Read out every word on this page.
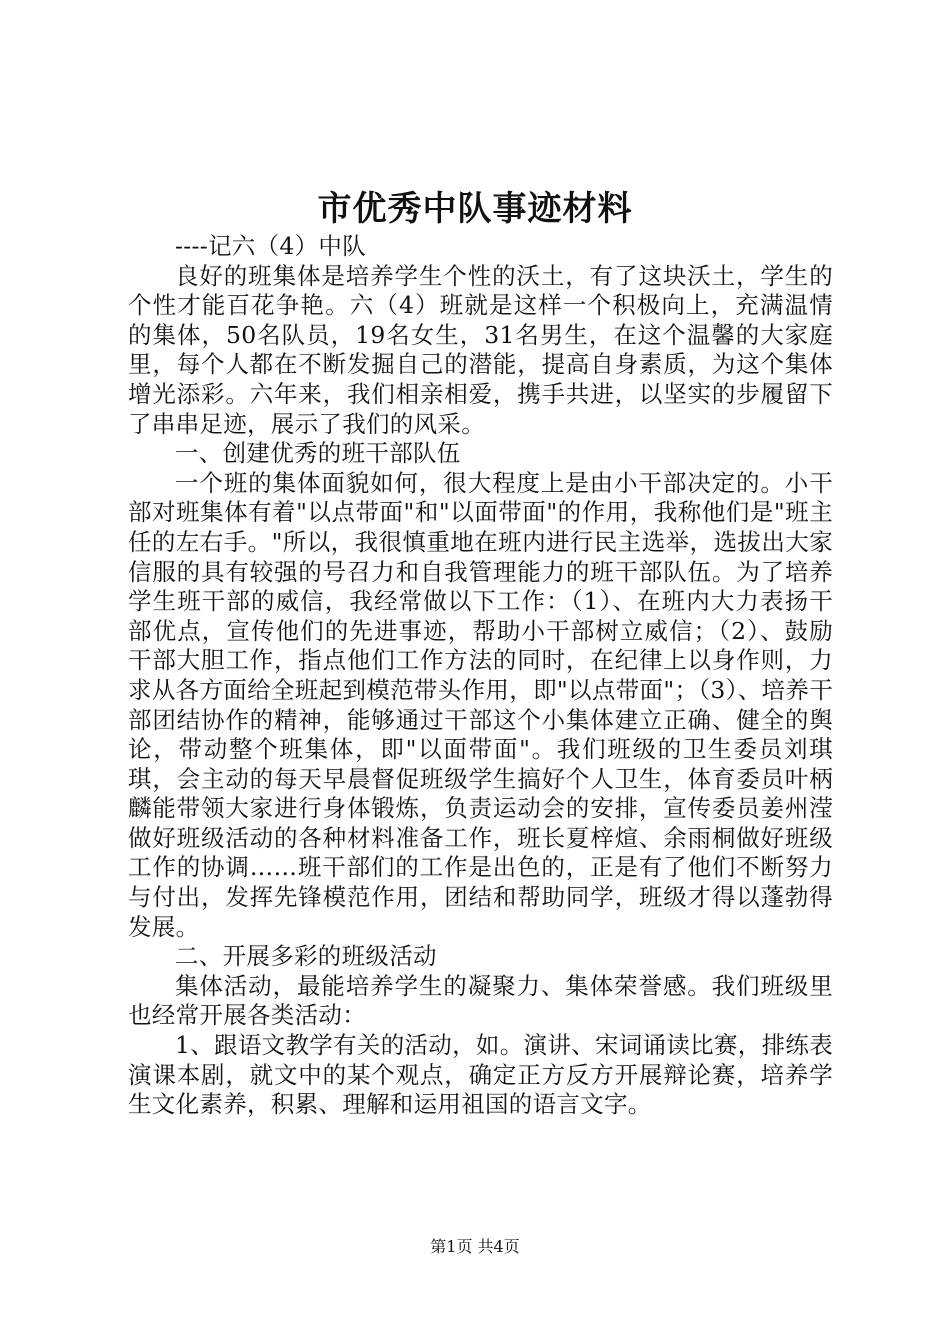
市优秀中队事迹材料

----记六（4）中队

良好的班集体是培养学生个性的沃土，有了这块沃土，学生的个性才能百花争艳。六（4）班就是这样一个积极向上，充满温情的集体，50名队员，19名女生，31名男生，在这个温馨的大家庭里，每个人都在不断发掘自己的潜能，提高自身素质，为这个集体增光添彩。六年来，我们相亲相爱，携手共进，以坚实的步履留下了串串足迹，展示了我们的风采。

一、创建优秀的班干部队伍

一个班的集体面貌如何，很大程度上是由小干部决定的。小干部对班集体有着"以点带面"和"以面带面"的作用，我称他们是"班主任的左右手。"所以，我很慎重地在班内进行民主选举，选拔出大家信服的具有较强的号召力和自我管理能力的班干部队伍。为了培养学生班干部的威信，我经常做以下工作：（1）、在班内大力表扬干部优点，宣传他们的先进事迹，帮助小干部树立威信；（2）、鼓励干部大胆工作，指点他们工作方法的同时，在纪律上以身作则，力求从各方面给全班起到模范带头作用，即"以点带面"；（3）、培养干部团结协作的精神，能够通过干部这个小集体建立正确、健全的舆论，带动整个班集体，即"以面带面"。我们班级的卫生委员刘琪琪，会主动的每天早晨督促班级学生搞好个人卫生，体育委员叶柄麟能带领大家进行身体锻炼，负责运动会的安排，宣传委员姜州滢做好班级活动的各种材料准备工作，班长夏梓煊、余雨桐做好班级工作的协调……班干部们的工作是出色的，正是有了他们不断努力与付出，发挥先锋模范作用，团结和帮助同学，班级才得以蓬勃得发展。

二、开展多彩的班级活动

集体活动，最能培养学生的凝聚力、集体荣誉感。我们班级里也经常开展各类活动：

1、跟语文教学有关的活动，如。演讲、宋词诵读比赛，排练表演课本剧，就文中的某个观点，确定正方反方开展辩论赛，培养学生文化素养，积累、理解和运用祖国的语言文字。

第1页 共4页
